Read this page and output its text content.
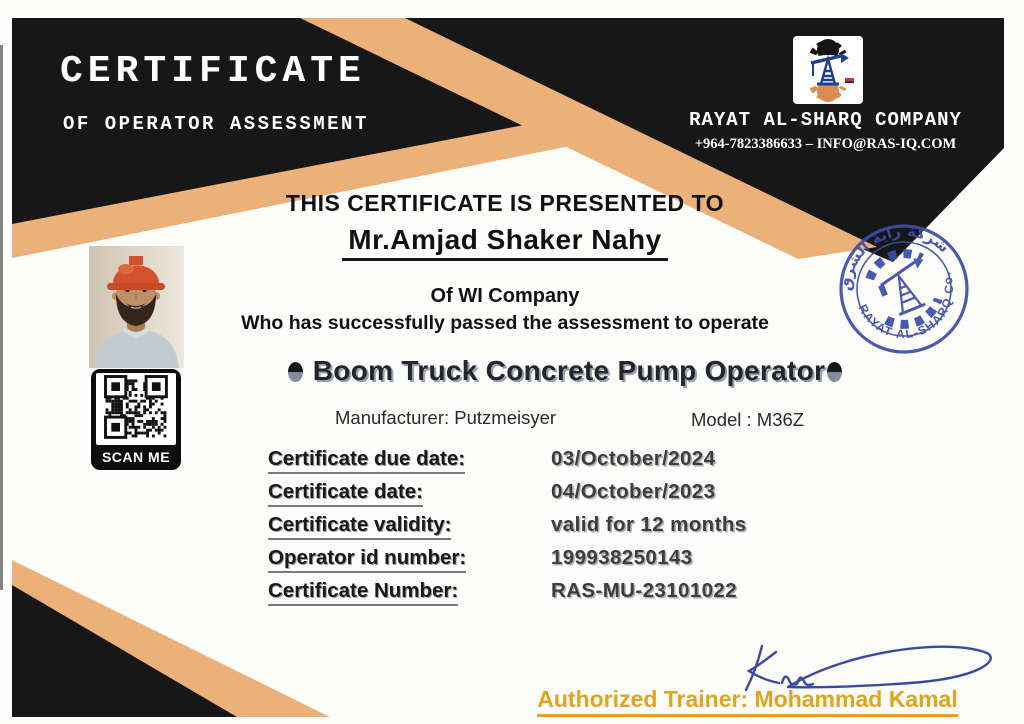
CERTIFICATE
OF OPERATOR ASSESSMENT	RAYAT AL-SHARQ COMPANY
+964-7823386633 – INFO@RAS-IQ.COM
THIS CERTIFICATE IS PRESENTED TO
Mr.Amjad Shaker Nahy
Of WI Company
Who has successfully passed the assessment to operate
Boom Truck Concrete Pump Operator
Manufacturer: Putzmeisyer	Model : M36Z
Certificate due date:	03/October/2024
Certificate date:	04/October/2023
Certificate validity:	valid for 12 months
Operator id number:	199938250143
Certificate Number:	RAS-MU-23101022
SCAN ME
شركة راية الشرق
RAYAT AL-SHARQ Co.
Authorized Trainer: Mohammad Kamal
